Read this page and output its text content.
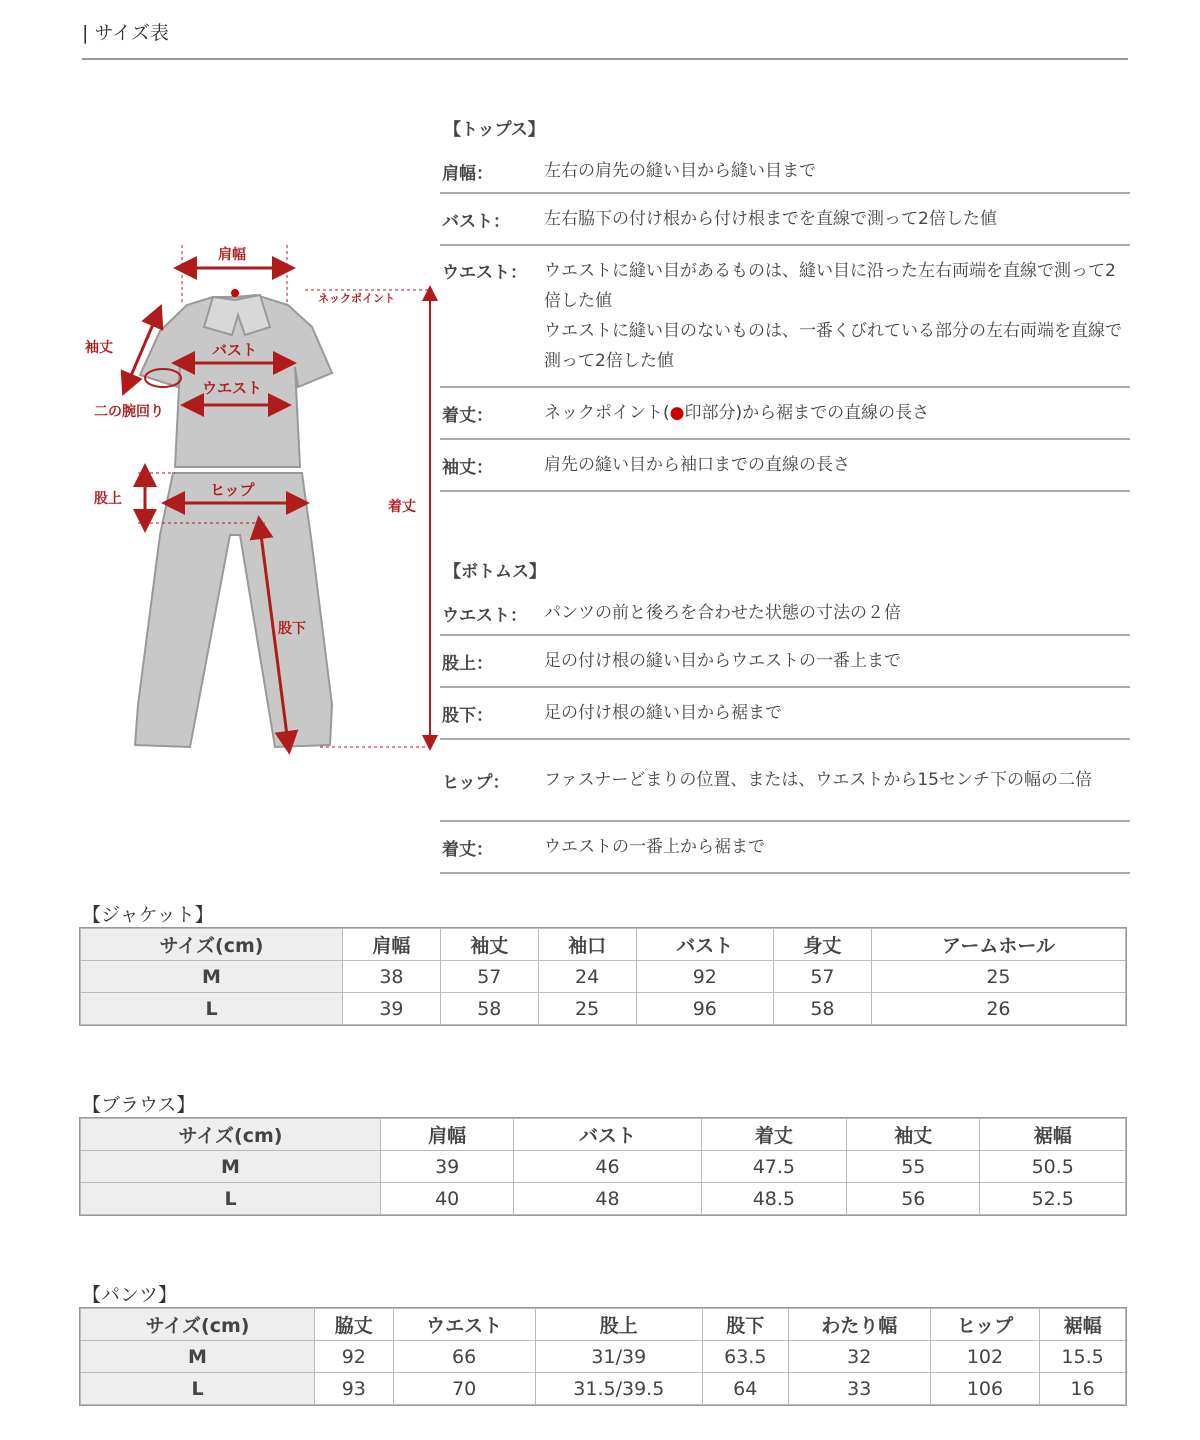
| サイズ表
肩幅
ネックポイント
袖丈	バスト
ウエスト
二の腕回り
股上	ヒップ
着丈
股下
【トップス】
肩幅：	左右の肩先の縫い目から縫い目まで
バスト：	左右脇下の付け根から付け根までを直線で測って2倍した値
ウエスト：	ウエストに縫い目があるものは、縫い目に沿った左右両端を直線で測って2倍した値
ウエストに縫い目のないものは、一番くびれている部分の左右両端を直線で測って2倍した値
着丈：	ネックポイント(●印部分)から裾までの直線の長さ
袖丈：	肩先の縫い目から袖口までの直線の長さ
【ボトムス】
ウエスト：	パンツの前と後ろを合わせた状態の寸法の２倍
股上：	足の付け根の縫い目からウエストの一番上まで
股下：	足の付け根の縫い目から裾まで
ヒップ：	ファスナーどまりの位置、または、ウエストから15センチ下の幅の二倍
着丈：	ウエストの一番上から裾まで
【ジャケット】
サイズ(cm)	肩幅	袖丈	袖口	バスト	身丈	アームホール
M	38	57	24	92	57	25
L	39	58	25	96	58	26
【ブラウス】
サイズ(cm)	肩幅	バスト	着丈	袖丈	裾幅
M	39	46	47.5	55	50.5
L	40	48	48.5	56	52.5
【パンツ】
サイズ(cm)	脇丈	ウエスト	股上	股下	わたり幅	ヒップ	裾幅
M	92	66	31/39	63.5	32	102	15.5
L	93	70	31.5/39.5	64	33	106	16
